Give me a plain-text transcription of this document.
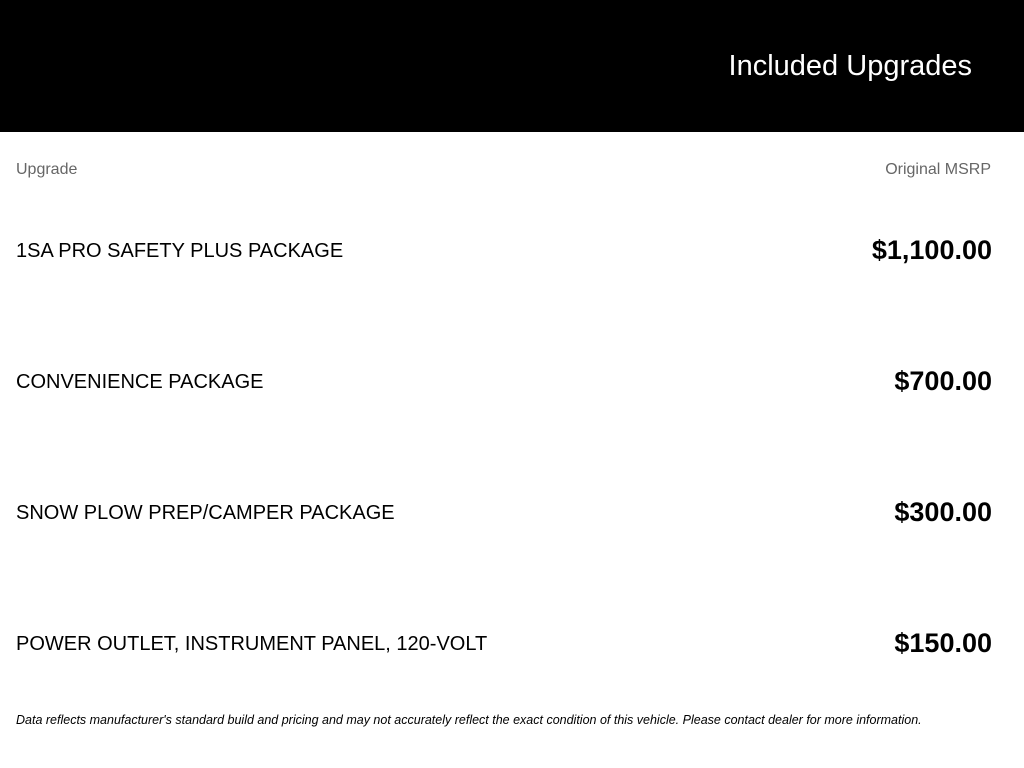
Included Upgrades
Upgrade	Original MSRP
1SA PRO SAFETY PLUS PACKAGE	$1,100.00
CONVENIENCE PACKAGE	$700.00
SNOW PLOW PREP/CAMPER PACKAGE	$300.00
POWER OUTLET, INSTRUMENT PANEL, 120-VOLT	$150.00
Data reflects manufacturer's standard build and pricing and may not accurately reflect the exact condition of this vehicle. Please contact dealer for more information.
